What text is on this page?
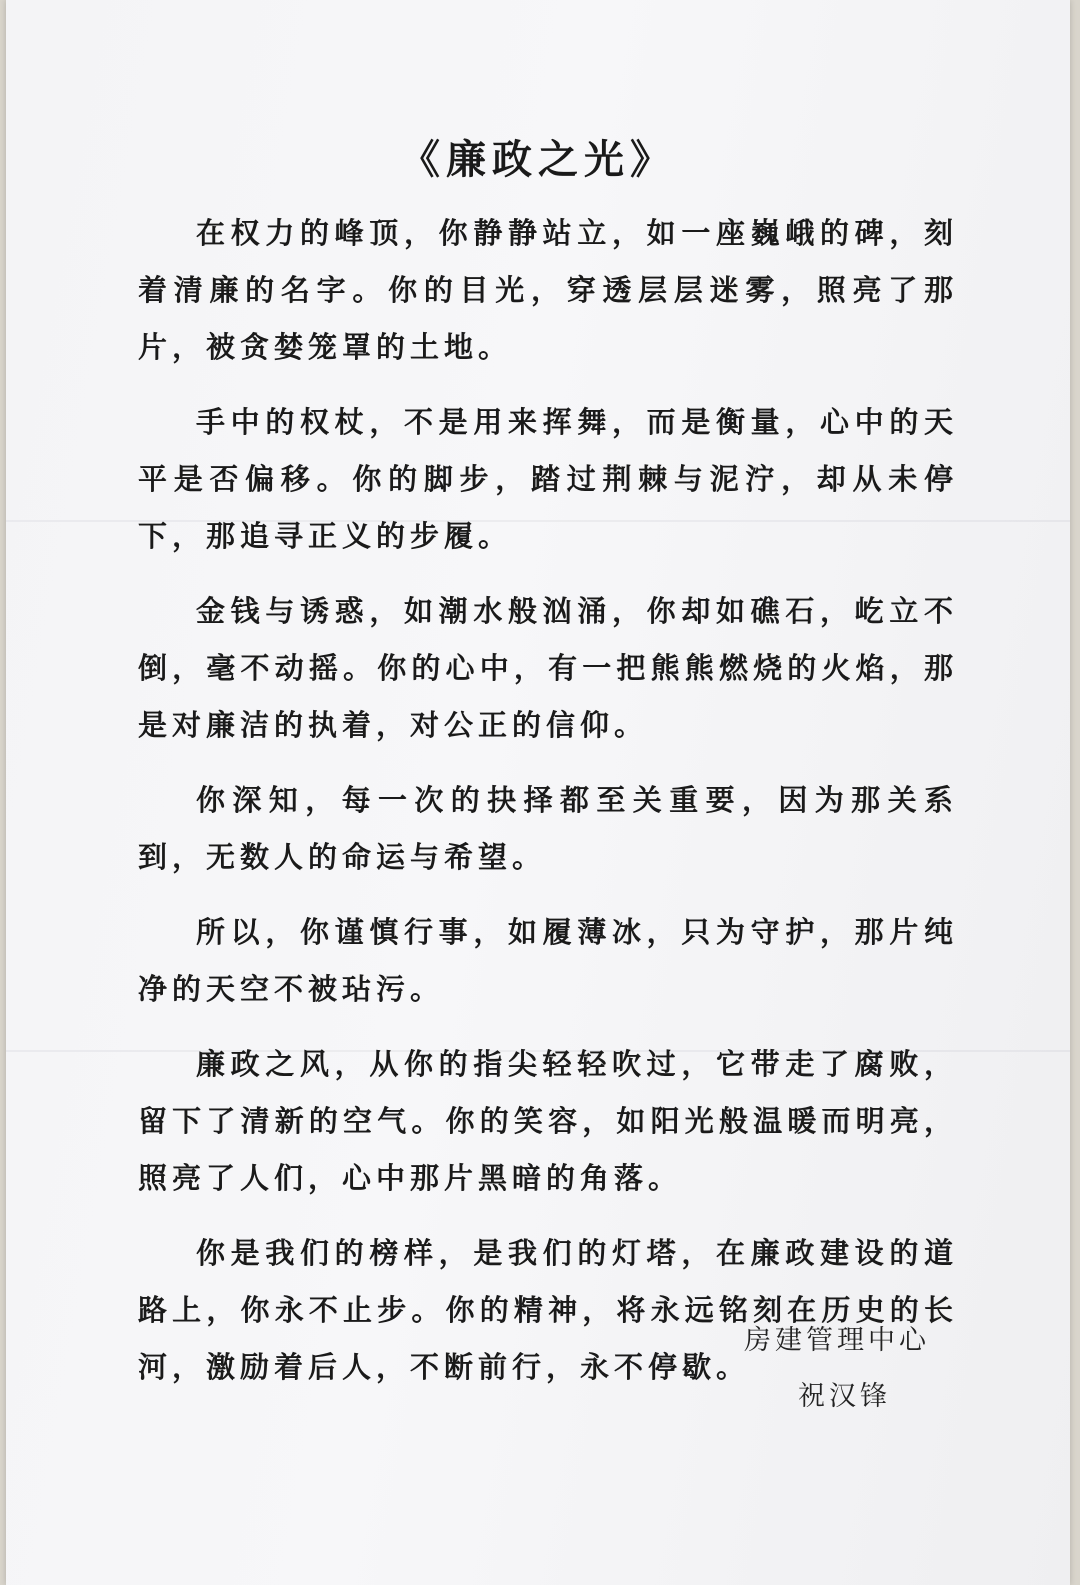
《廉政之光》

在权力的峰顶，你静静站立，如一座巍峨的碑，刻着清廉的名字。你的目光，穿透层层迷雾，照亮了那片，被贪婪笼罩的土地。

手中的权杖，不是用来挥舞，而是衡量，心中的天平是否偏移。你的脚步，踏过荆棘与泥泞，却从未停下，那追寻正义的步履。

金钱与诱惑，如潮水般汹涌，你却如礁石，屹立不倒，毫不动摇。你的心中，有一把熊熊燃烧的火焰，那是对廉洁的执着，对公正的信仰。

你深知，每一次的抉择都至关重要，因为那关系到，无数人的命运与希望。

所以，你谨慎行事，如履薄冰，只为守护，那片纯净的天空不被玷污。

廉政之风，从你的指尖轻轻吹过，它带走了腐败，留下了清新的空气。你的笑容，如阳光般温暖而明亮，照亮了人们，心中那片黑暗的角落。

你是我们的榜样，是我们的灯塔，在廉政建设的道路上，你永不止步。你的精神，将永远铭刻在历史的长河，激励着后人，不断前行，永不停歇。

房建管理中心
祝汉锋
